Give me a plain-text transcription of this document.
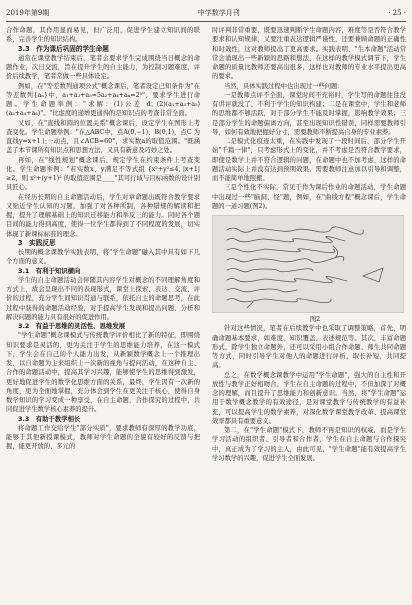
2019年第9期	中学数学月刊	· 25 ·

合作命题，其作用显而易见，但广泛用，促进学生建立知识间的联系，完善学生的知识结构。

3.3　作为课后巩固的学生命题

通常在课堂教学结束后，笔者会要求学生完成围绕当日概念的命题作业，次日交流，旨在提升学生的自主能力，为控制习题难度，评价后续教学，笔者常做一些具体设定。

例如，在"等差数列通项公式"概念课后，笔者设定已知条件为"在等差数列{aₙ}中，a₁+a₃+a₅=5a₂+a₄+a₆=2⁵"，要求学生进行命题。学生命题举例："求解：(1)公差 d；(2)(a₁+a₃+a₅)(a₂+a₄+a₆)"。"比虑度的递增更通得的是知识点的考查非常全面。

又如，在"直线和圆的位置关系"概念课后，设定学生在图形上考查变化。学生命题举例："在△ABC中，点A(0,−1)、B(0,1)，点C 为直线y=x+1上一动点，且∠ACB=60°，求实数a的取值范围。"既涵盖了本节课所有知识点和思想方法，又具有新意及巧妙之处。

再如，在"线性规划"概念课后，规定学生在约束条件上考查变化。学生命题举例："若实数x、y满足不等式组 {x²+y²≤4, |x+1|≥2，则 x²+(y+1)² 的取值范围是____"其可行域与目标函数的设计别具匠心。

在经历长期的自主命题活动后，学生对章命题出既符合教学要求又贴近学生认知的习题，加强了对各种所制，各种错规的解读和把握，提升了理解基础上的知识迁移能力和举反三的能力。同时各个题目间的能力得到高度，使得一位学生都得到了不同程度的发展，切实体现了新课标标准的理念。

3　实践反思

长期的概念课教学实践表明，将"学生命题"融入其中具有如下几个方面的意义。

3.1　有利于知识横向

学生的自主命题活动会伴随其内容学生对概念的不同理解角度和方式上，故会呈现出不同的表现形式，课堂上探索、表达、交流、评价的过程，充分学生间知识贯通与联系，依托自主的命题思考，在此过程中获得的命题活动经验，对于提高学生发现和提出问题、分析和解决问题的能力具有很好的促进作用。

3.2　有益于思维的灵活性、思维发展

"学生命题"概念课模式与传统教学评价相比了新的特征，即围绕知识要求是灵活的，更为关注于学生的思维能力培养，在这一模式下，学生会在自己的个人能力出发，从新颖数学概念上一个推理出发，以自命题为主来组织上一次新的视角与提问活动，在这种自主、合作的命题活动中，提高其学习兴趣，能够使学生的思维得到激发，更好地促进学生的数学化思维方面的关系，最终，学生因有一次新的角度，更为全面地掌握，充分体会到学生在更关注于核心，使得自身数学知识的学习变成一种享受，在自主命题、合作探究的过程中，共同促进学生数学核心素养的提升。

3.3　有助于教学相长

将命题工作交给学生"部分实质"，要求教师有深厚的教学功底，能够于其他新授课模式，教师对学生命题的全貌有较好的反馈与把握，能更开放的、多元的

时评判非常重要，既要迅速判断学生命题内容，难度等是否符合教学要求和认知规律，又要注重表达逻辑严谨性，还要兼顾命题的正确性和时效性，这对教师提出了更高要求。实践表明，"生本命题"活动常常会涌现出一些新颖的思路和想法，在这样的教学模式调节下，学生命题的质量比教师还要高出很多，这样也对教师的专业水平提出更高的要求。

当然，具体实践过程中也出现过一些问题：

一是教师点评不全面，课堂时间不充裕时，学生写的命题往往没有讲评就没了，不利于学生的知识构建；二是在课堂中，学生和老师的思维都不够活跃，对于部分学生不能及时掌握，影响教学效果；三是部分学生的命题偏离方向，甚至出现知识性错误，同样需要教师引导，如何有效地把握好分寸，需要教师不断提高自身的专业素养。

二是模式化痕迹太重，在实践中发现了一段时间后，部分学生开始"千篇一律"，只考虑形式上的变化，并不考虑是否符合教学要求，即使是数学上并不符合逻辑的问题，在命题中也不加考虑，这样的命题活动实际上并没有达到预期效果，需要教师注意加以引导和调整，而不能简单地照搬。

三是个性化不实际，常见于作为课后作业的命题活动，学生命题中出现过一些"脑洞、怪"题，例如，在"曲线方程"概念课后，学生命题的一道习题(图2)。

图2

针对这些情况，笔者在后续教学中也采取了调整策略，首先，明确命题基本要求，如难度、知识覆盖、表述规范等。其次，丰富命题形式，除学生独立命题外，还可以采用小组合作命题、师生共同命题等方式，同时引导学生对他人的命题进行评析，取长补短，共同提高。

总之，在数学概念课教学中运用"学生命题"，强大的自主性和开放性与教学正好相吻合，学生在自主命题的过程中，不但加深了对概念的理解，而且提升了思维能力和创新意识。当然，将"学生命题"运用于数学概念教学的有效途径，是对课堂教学与传统教学的有益补充，可以提高学生的数学素养，对深化数学课堂教学改革、提高课堂效率都具有重要意义。

第二，在"学生命题"模式下，教师不再是知识的权威，而是学生学习活动的组织者、引导者和合作者，学生在自主命题与合作探究中，真正成为了学习的主人，由此可见，"学生命题"能有效提高学生学习数学的兴趣，促进学生全面发展。
